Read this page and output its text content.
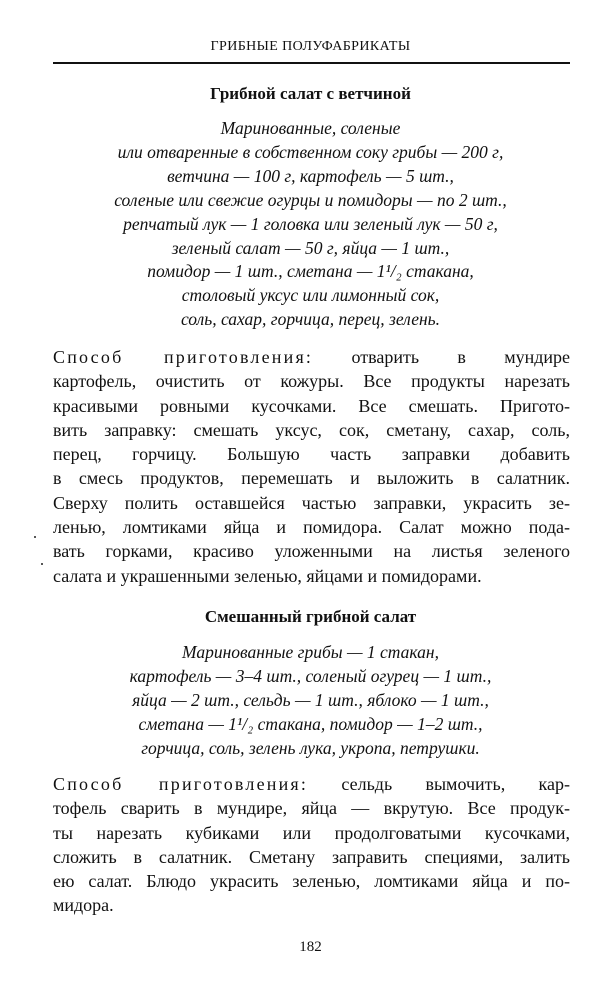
ГРИБНЫЕ ПОЛУФАБРИКАТЫ
Грибной салат с ветчиной
Маринованные, соленые
или отваренные в собственном соку грибы — 200 г,
ветчина — 100 г, картофель — 5 шт.,
соленые или свежие огурцы и помидоры — по 2 шт.,
репчатый лук — 1 головка или зеленый лук — 50 г,
зеленый салат — 50 г, яйца — 1 шт.,
помидор — 1 шт., сметана — 1¹/₂ стакана,
столовый уксус или лимонный сок,
соль, сахар, горчица, перец, зелень.
Способ приготовления: отварить в мундире
картофель, очистить от кожуры. Все продукты нарезать
красивыми ровными кусочками. Все смешать. Пригото-
вить заправку: смешать уксус, сок, сметану, сахар, соль,
перец, горчицу. Большую часть заправки добавить
в смесь продуктов, перемешать и выложить в салатник.
Сверху полить оставшейся частью заправки, украсить зе-
ленью, ломтиками яйца и помидора. Салат можно пода-
вать горками, красиво уложенными на листья зеленого
салата и украшенными зеленью, яйцами и помидорами.
Смешанный грибной салат
Маринованные грибы — 1 стакан,
картофель — 3–4 шт., соленый огурец — 1 шт.,
яйца — 2 шт., сельдь — 1 шт., яблоко — 1 шт.,
сметана — 1¹/₂ стакана, помидор — 1–2 шт.,
горчица, соль, зелень лука, укропа, петрушки.
Способ приготовления: сельдь вымочить, кар-
тофель сварить в мундире, яйца — вкрутую. Все продук-
ты нарезать кубиками или продолговатыми кусочками,
сложить в салатник. Сметану заправить специями, залить
ею салат. Блюдо украсить зеленью, ломтиками яйца и по-
мидора.
182
